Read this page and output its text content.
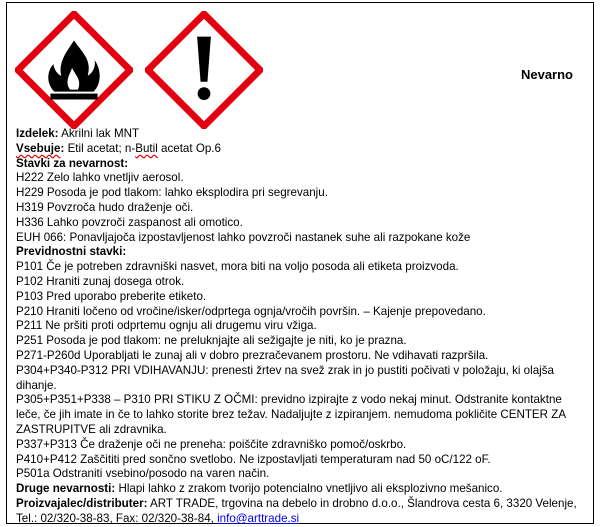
Nevarno
Izdelek: Akrilni lak MNT
Vsebuje: Etil acetat; n-Butil acetat Op.6
Stavki za nevarnost:
H222 Zelo lahko vnetljiv aerosol.
H229 Posoda je pod tlakom: lahko eksplodira pri segrevanju.
H319 Povzroča hudo draženje oči.
H336 Lahko povzroči zaspanost ali omotico.
EUH 066: Ponavljajoča izpostavljenost lahko povzroči nastanek suhe ali razpokane kože
Previdnostni stavki:
P101 Če je potreben zdravniški nasvet, mora biti na voljo posoda ali etiketa proizvoda.
P102 Hraniti zunaj dosega otrok.
P103 Pred uporabo preberite etiketo.
P210 Hraniti ločeno od vročine/isker/odprtega ognja/vročih površin. – Kajenje prepovedano.
P211 Ne pršiti proti odprtemu ognju ali drugemu viru vžiga.
P251 Posoda je pod tlakom: ne preluknjajte ali sežigajte je niti, ko je prazna.
P271-P260d Uporabljati le zunaj ali v dobro prezračevanem prostoru. Ne vdihavati razpršila.
P304+P340-P312 PRI VDIHAVANJU: prenesti žrtev na svež zrak in jo pustiti počivati v položaju, ki olajša dihanje.
P305+P351+P338 – P310 PRI STIKU Z OČMI: previdno izpirajte z vodo nekaj minut. Odstranite kontaktne leče, če jih imate in če to lahko storite brez težav. Nadaljujte z izpiranjem. nemudoma pokličite CENTER ZA ZASTRUPITVE ali zdravnika.
P337+P313 Če draženje oči ne preneha: poiščite zdravniško pomoč/oskrbo.
P410+P412 Zaščititi pred sončno svetlobo. Ne izpostavljati temperaturam nad 50 oC/122 oF.
P501a Odstraniti vsebino/posodo na varen način.
Druge nevarnosti: Hlapi lahko z zrakom tvorijo potencialno vnetljivo ali eksplozivno mešanico.
Proizvajalec/distributer: ART TRADE, trgovina na debelo in drobno d.o.o., Šlandrova cesta 6, 3320 Velenje, Tel.: 02/320-38-83, Fax: 02/320-38-84, info@arttrade.si
